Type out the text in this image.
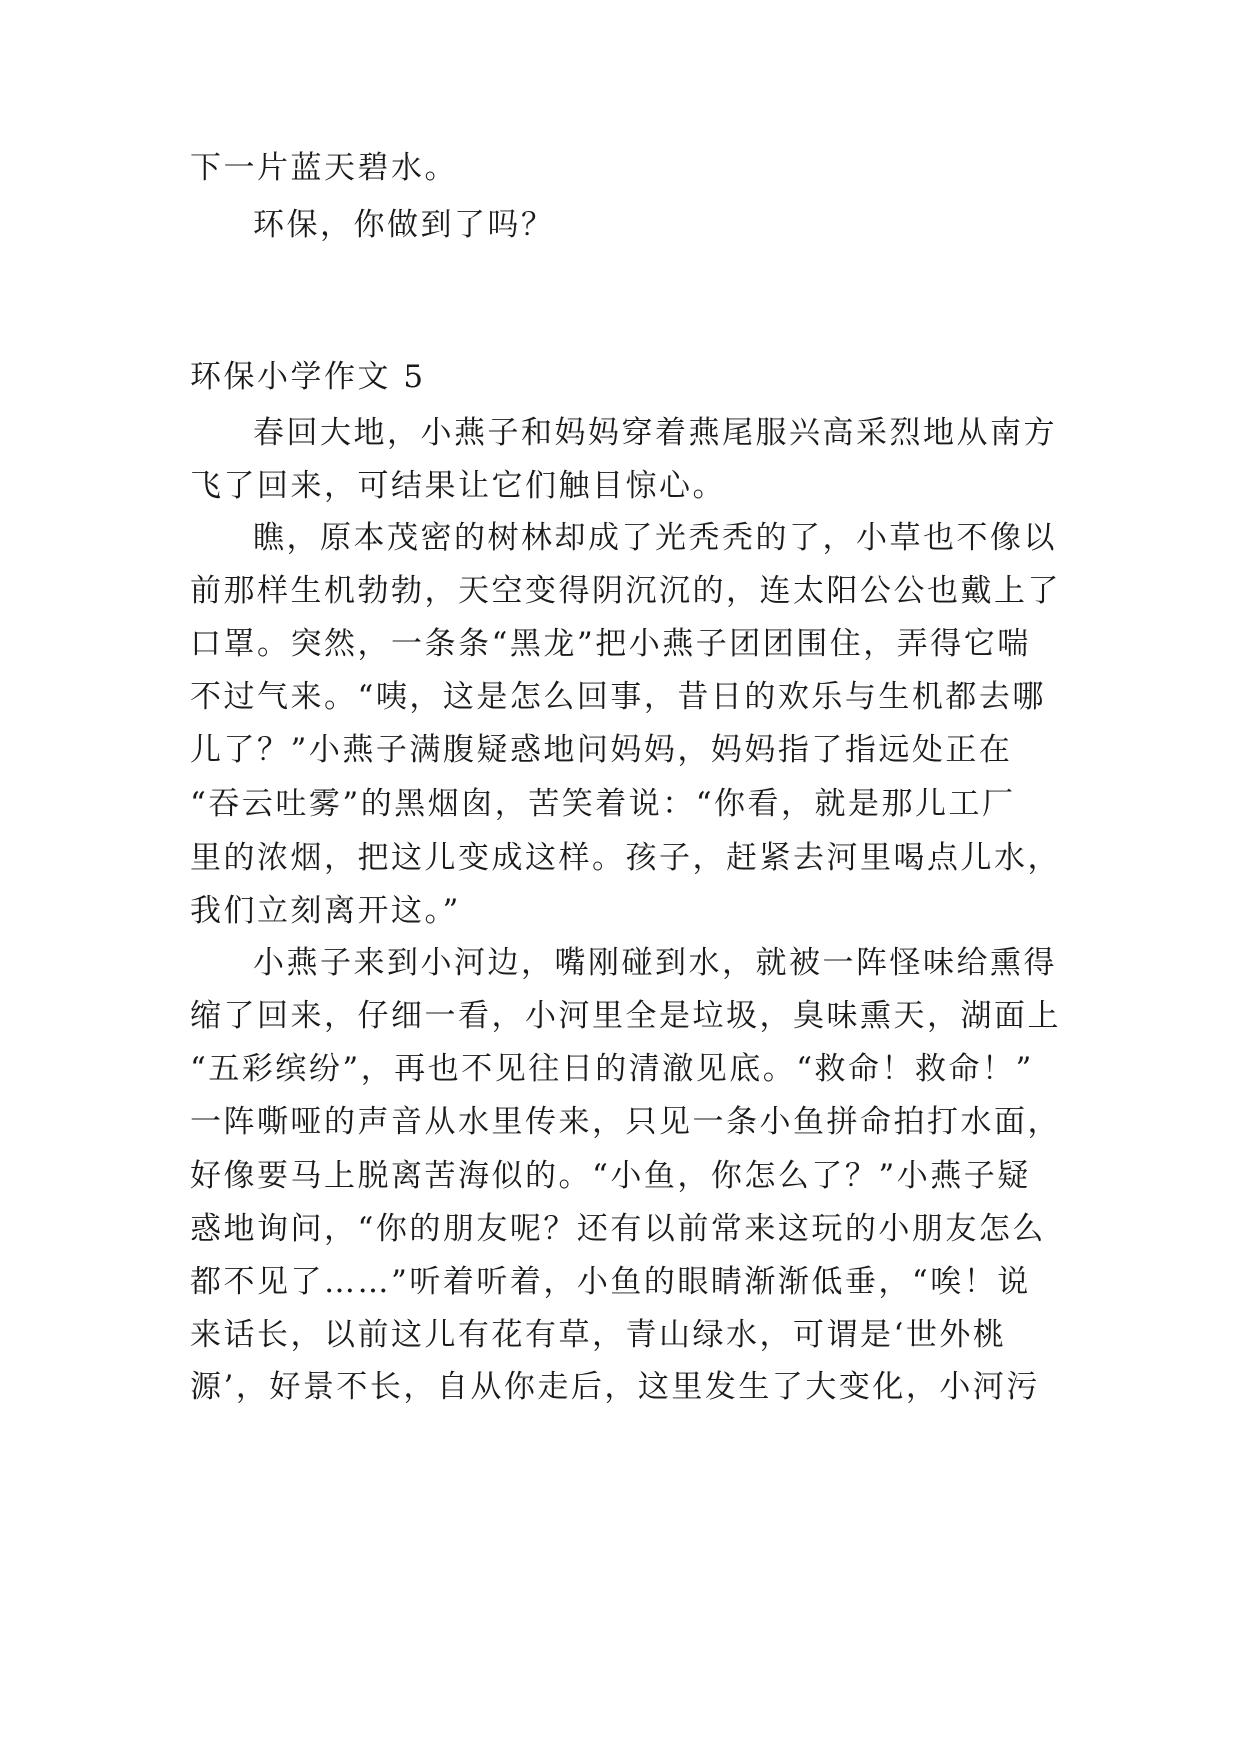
下一片蓝天碧水。

环保，你做到了吗？

环保小学作文 5

春回大地，小燕子和妈妈穿着燕尾服兴高采烈地从南方

飞了回来，可结果让它们触目惊心。

瞧，原本茂密的树林却成了光秃秃的了，小草也不像以

前那样生机勃勃，天空变得阴沉沉的，连太阳公公也戴上了

口罩。突然，一条条“黑龙”把小燕子团团围住，弄得它喘

不过气来。“咦，这是怎么回事，昔日的欢乐与生机都去哪

儿了？”小燕子满腹疑惑地问妈妈，妈妈指了指远处正在

“吞云吐雾”的黑烟囱，苦笑着说：“你看，就是那儿工厂

里的浓烟，把这儿变成这样。孩子，赶紧去河里喝点儿水，

我们立刻离开这。”

小燕子来到小河边，嘴刚碰到水，就被一阵怪味给熏得

缩了回来，仔细一看，小河里全是垃圾，臭味熏天，湖面上

“五彩缤纷”，再也不见往日的清澈见底。“救命！救命！”

一阵嘶哑的声音从水里传来，只见一条小鱼拼命拍打水面，

好像要马上脱离苦海似的。“小鱼，你怎么了？”小燕子疑

惑地询问，“你的朋友呢？还有以前常来这玩的小朋友怎么

都不见了……”听着听着，小鱼的眼睛渐渐低垂，“唉！说

来话长，以前这儿有花有草，青山绿水，可谓是‘世外桃

源’，好景不长，自从你走后，这里发生了大变化，小河污
